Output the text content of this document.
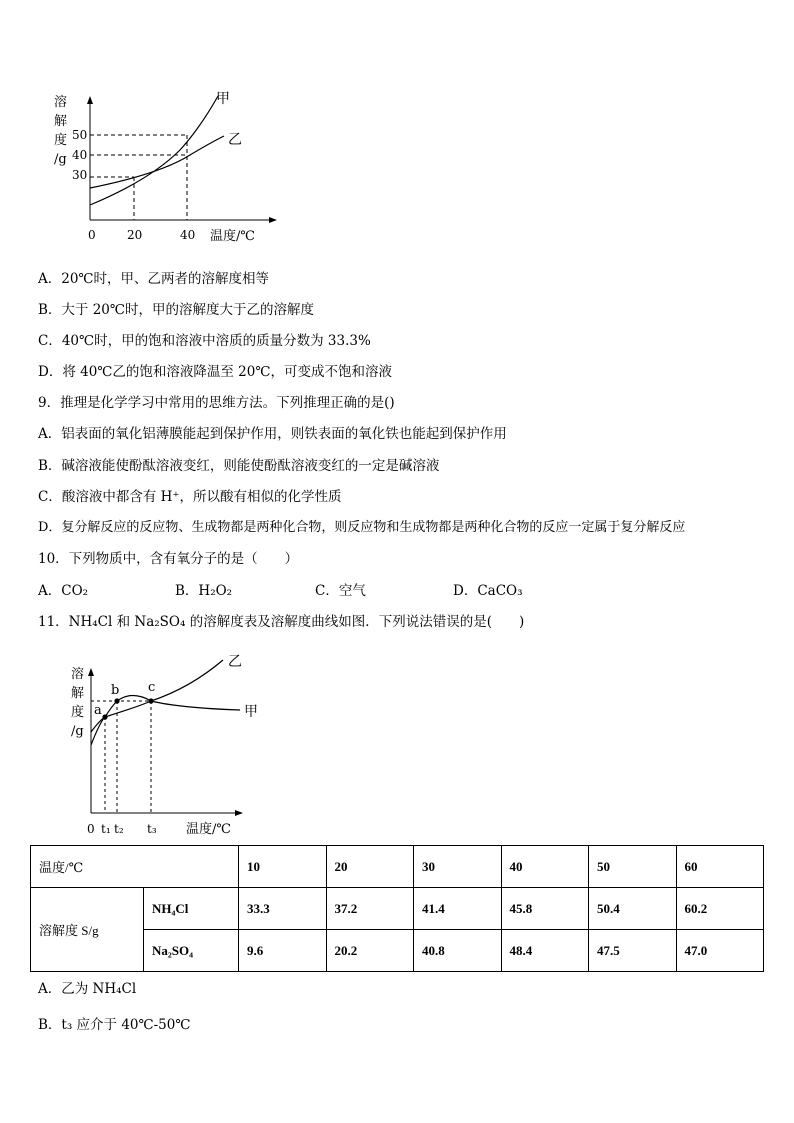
溶
解
度
/g
50
40
30
0	20	40 温度/℃
甲
乙
A．20℃时，甲、乙两者的溶解度相等
B．大于 20℃时，甲的溶解度大于乙的溶解度
C．40℃时，甲的饱和溶液中溶质的质量分数为 33.3%
D．将 40℃乙的饱和溶液降温至 20℃，可变成不饱和溶液
9．推理是化学学习中常用的思维方法。下列推理正确的是()
A．铝表面的氧化铝薄膜能起到保护作用，则铁表面的氧化铁也能起到保护作用
B．碱溶液能使酚酞溶液变红，则能使酚酞溶液变红的一定是碱溶液
C．酸溶液中都含有 H⁺，所以酸有相似的化学性质
D．复分解反应的反应物、生成物都是两种化合物，则反应物和生成物都是两种化合物的反应一定属于复分解反应
10．下列物质中，含有氧分子的是（　　）
A．CO₂	B．H₂O₂	C．空气	D．CaCO₃
11．NH₄Cl 和 Na₂SO₄ 的溶解度表及溶解度曲线如图．下列说法错误的是(　　)
溶
解
度
/g
a
b c
0 t₁ t₂ t₃ 温度/℃
乙
甲
温度/℃		10	20	30	40	50	60
溶解度 S/g	NH₄Cl	33.3	37.2	41.4	45.8	50.4	60.2
	Na₂SO₄	9.6	20.2	40.8	48.4	47.5	47.0
A．乙为 NH₄Cl
B．t₃ 应介于 40℃-50℃
